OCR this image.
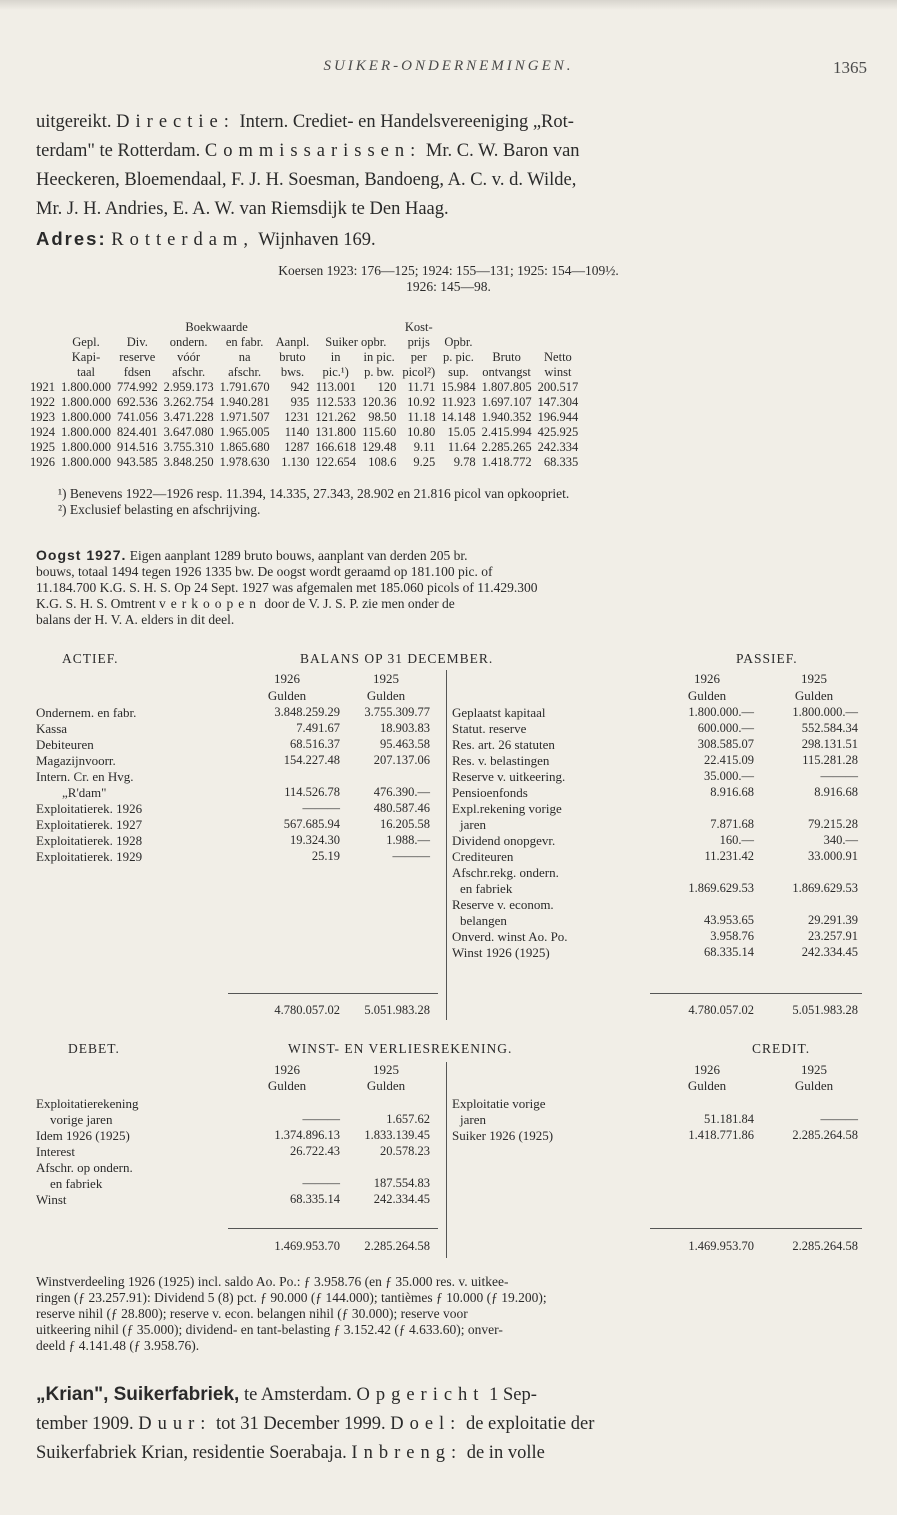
SUIKER-ONDERNEMINGEN.	1365
uitgereikt. Directie: Intern. Crediet- en Handelsvereeniging „Rot-
terdam" te Rotterdam. Commissarissen: Mr. C. W. Baron van
Heeckeren, Bloemendaal, F. J. H. Soesman, Bandoeng, A. C. v. d. Wilde,
Mr. J. H. Andries, E. A. W. van Riemsdijk te Den Haag.
Adres: Rotterdam, Wijnhaven 169.
Koersen 1923: 176—125; 1924: 155—131; 1925: 154—109½.
1926: 145—98.
			Boekwaarde					Kost-			
	Gepl.	Div.	ondern.	en fabr.	Aanpl.	Suiker opbr.		prijs	Opbr.		
	Kapi-	reserve	vóór	na	bruto	in	in pic.	per	p. pic.	Bruto	Netto
	taal	fdsen	afschr.	afschr.	bws.	pic.¹)	p. bw.	picol²)	sup.	ontvangst	winst
1921	1.800.000	774.992	2.959.173	1.791.670	942	113.001	120	11.71	15.984	1.807.805	200.517
1922	1.800.000	692.536	3.262.754	1.940.281	935	112.533	120.36	10.92	11.923	1.697.107	147.304
1923	1.800.000	741.056	3.471.228	1.971.507	1231	121.262	98.50	11.18	14.148	1.940.352	196.944
1924	1.800.000	824.401	3.647.080	1.965.005	1140	131.800	115.60	10.80	15.05	2.415.994	425.925
1925	1.800.000	914.516	3.755.310	1.865.680	1287	166.618	129.48	9.11	11.64	2.285.265	242.334
1926	1.800.000	943.585	3.848.250	1.978.630	1.130	122.654	108.6	9.25	9.78	1.418.772	68.335
¹) Benevens 1922—1926 resp. 11.394, 14.335, 27.343, 28.902 en 21.816 picol van opkoopriet.
²) Exclusief belasting en afschrijving.
Oogst 1927. Eigen aanplant 1289 bruto bouws, aanplant van derden 205 br.
bouws, totaal 1494 tegen 1926 1335 bw. De oogst wordt geraamd op 181.100 pic. of
11.184.700 K.G. S. H. S. Op 24 Sept. 1927 was afgemalen met 185.060 picols of 11.429.300
K.G. S. H. S. Omtrent verkoopen door de V. J. S. P. zie men onder de
balans der H. V. A. elders in dit deel.
ACTIEF.	BALANS OP 31 DECEMBER.	PASSIEF.
1926	1925
Gulden	Gulden
1926	1925
Gulden	Gulden
Ondernem. en fabr.	3.848.259.29	3.755.309.77
Kassa	7.491.67	18.903.83
Debiteuren	68.516.37	95.463.58
Magazijnvoorr.	154.227.48	207.137.06
Intern. Cr. en Hvg.
„R'dam"	114.526.78	476.390.—
Exploitatierek. 1926	———	480.587.46
Exploitatierek. 1927	567.685.94	16.205.58
Exploitatierek. 1928	19.324.30	1.988.—
Exploitatierek. 1929	25.19	———
Geplaatst kapitaal	1.800.000.—	1.800.000.—
Statut. reserve	600.000.—	552.584.34
Res. art. 26 statuten	308.585.07	298.131.51
Res. v. belastingen	22.415.09	115.281.28
Reserve v. uitkeering.	35.000.—	———
Pensioenfonds	8.916.68	8.916.68
Expl.rekening vorige
jaren	7.871.68	79.215.28
Dividend onopgevr.	160.—	340.—
Crediteuren	11.231.42	33.000.91
Afschr.rekg. ondern.
en fabriek	1.869.629.53	1.869.629.53
Reserve v. econom.
belangen	43.953.65	29.291.39
Onverd. winst Ao. Po.	3.958.76	23.257.91
Winst 1926 (1925)	68.335.14	242.334.45
4.780.057.02	5.051.983.28	4.780.057.02	5.051.983.28
DEBET.	WINST- EN VERLIESREKENING.	CREDIT.
1926	1925
Gulden	Gulden
1926	1925
Gulden	Gulden
Exploitatierekening
vorige jaren	———	1.657.62
Idem 1926 (1925)	1.374.896.13	1.833.139.45
Interest	26.722.43	20.578.23
Afschr. op ondern.
en fabriek	———	187.554.83
Winst	68.335.14	242.334.45
Exploitatie vorige
jaren	51.181.84	———
Suiker 1926 (1925)	1.418.771.86	2.285.264.58
1.469.953.70	2.285.264.58	1.469.953.70	2.285.264.58
Winstverdeeling 1926 (1925) incl. saldo Ao. Po.: ƒ 3.958.76 (en ƒ 35.000 res. v. uitkee-
ringen (ƒ 23.257.91): Dividend 5 (8) pct. ƒ 90.000 (ƒ 144.000); tantièmes ƒ 10.000 (ƒ 19.200);
reserve nihil (ƒ 28.800); reserve v. econ. belangen nihil (ƒ 30.000); reserve voor
uitkeering nihil (ƒ 35.000); dividend- en tant-belasting ƒ 3.152.42 (ƒ 4.633.60); onver-
deeld ƒ 4.141.48 (ƒ 3.958.76).
„Krian", Suikerfabriek, te Amsterdam. Opgericht 1 Sep-
tember 1909. Duur: tot 31 December 1999. Doel: de exploitatie der
Suikerfabriek Krian, residentie Soerabaja. Inbreng: de in volle
